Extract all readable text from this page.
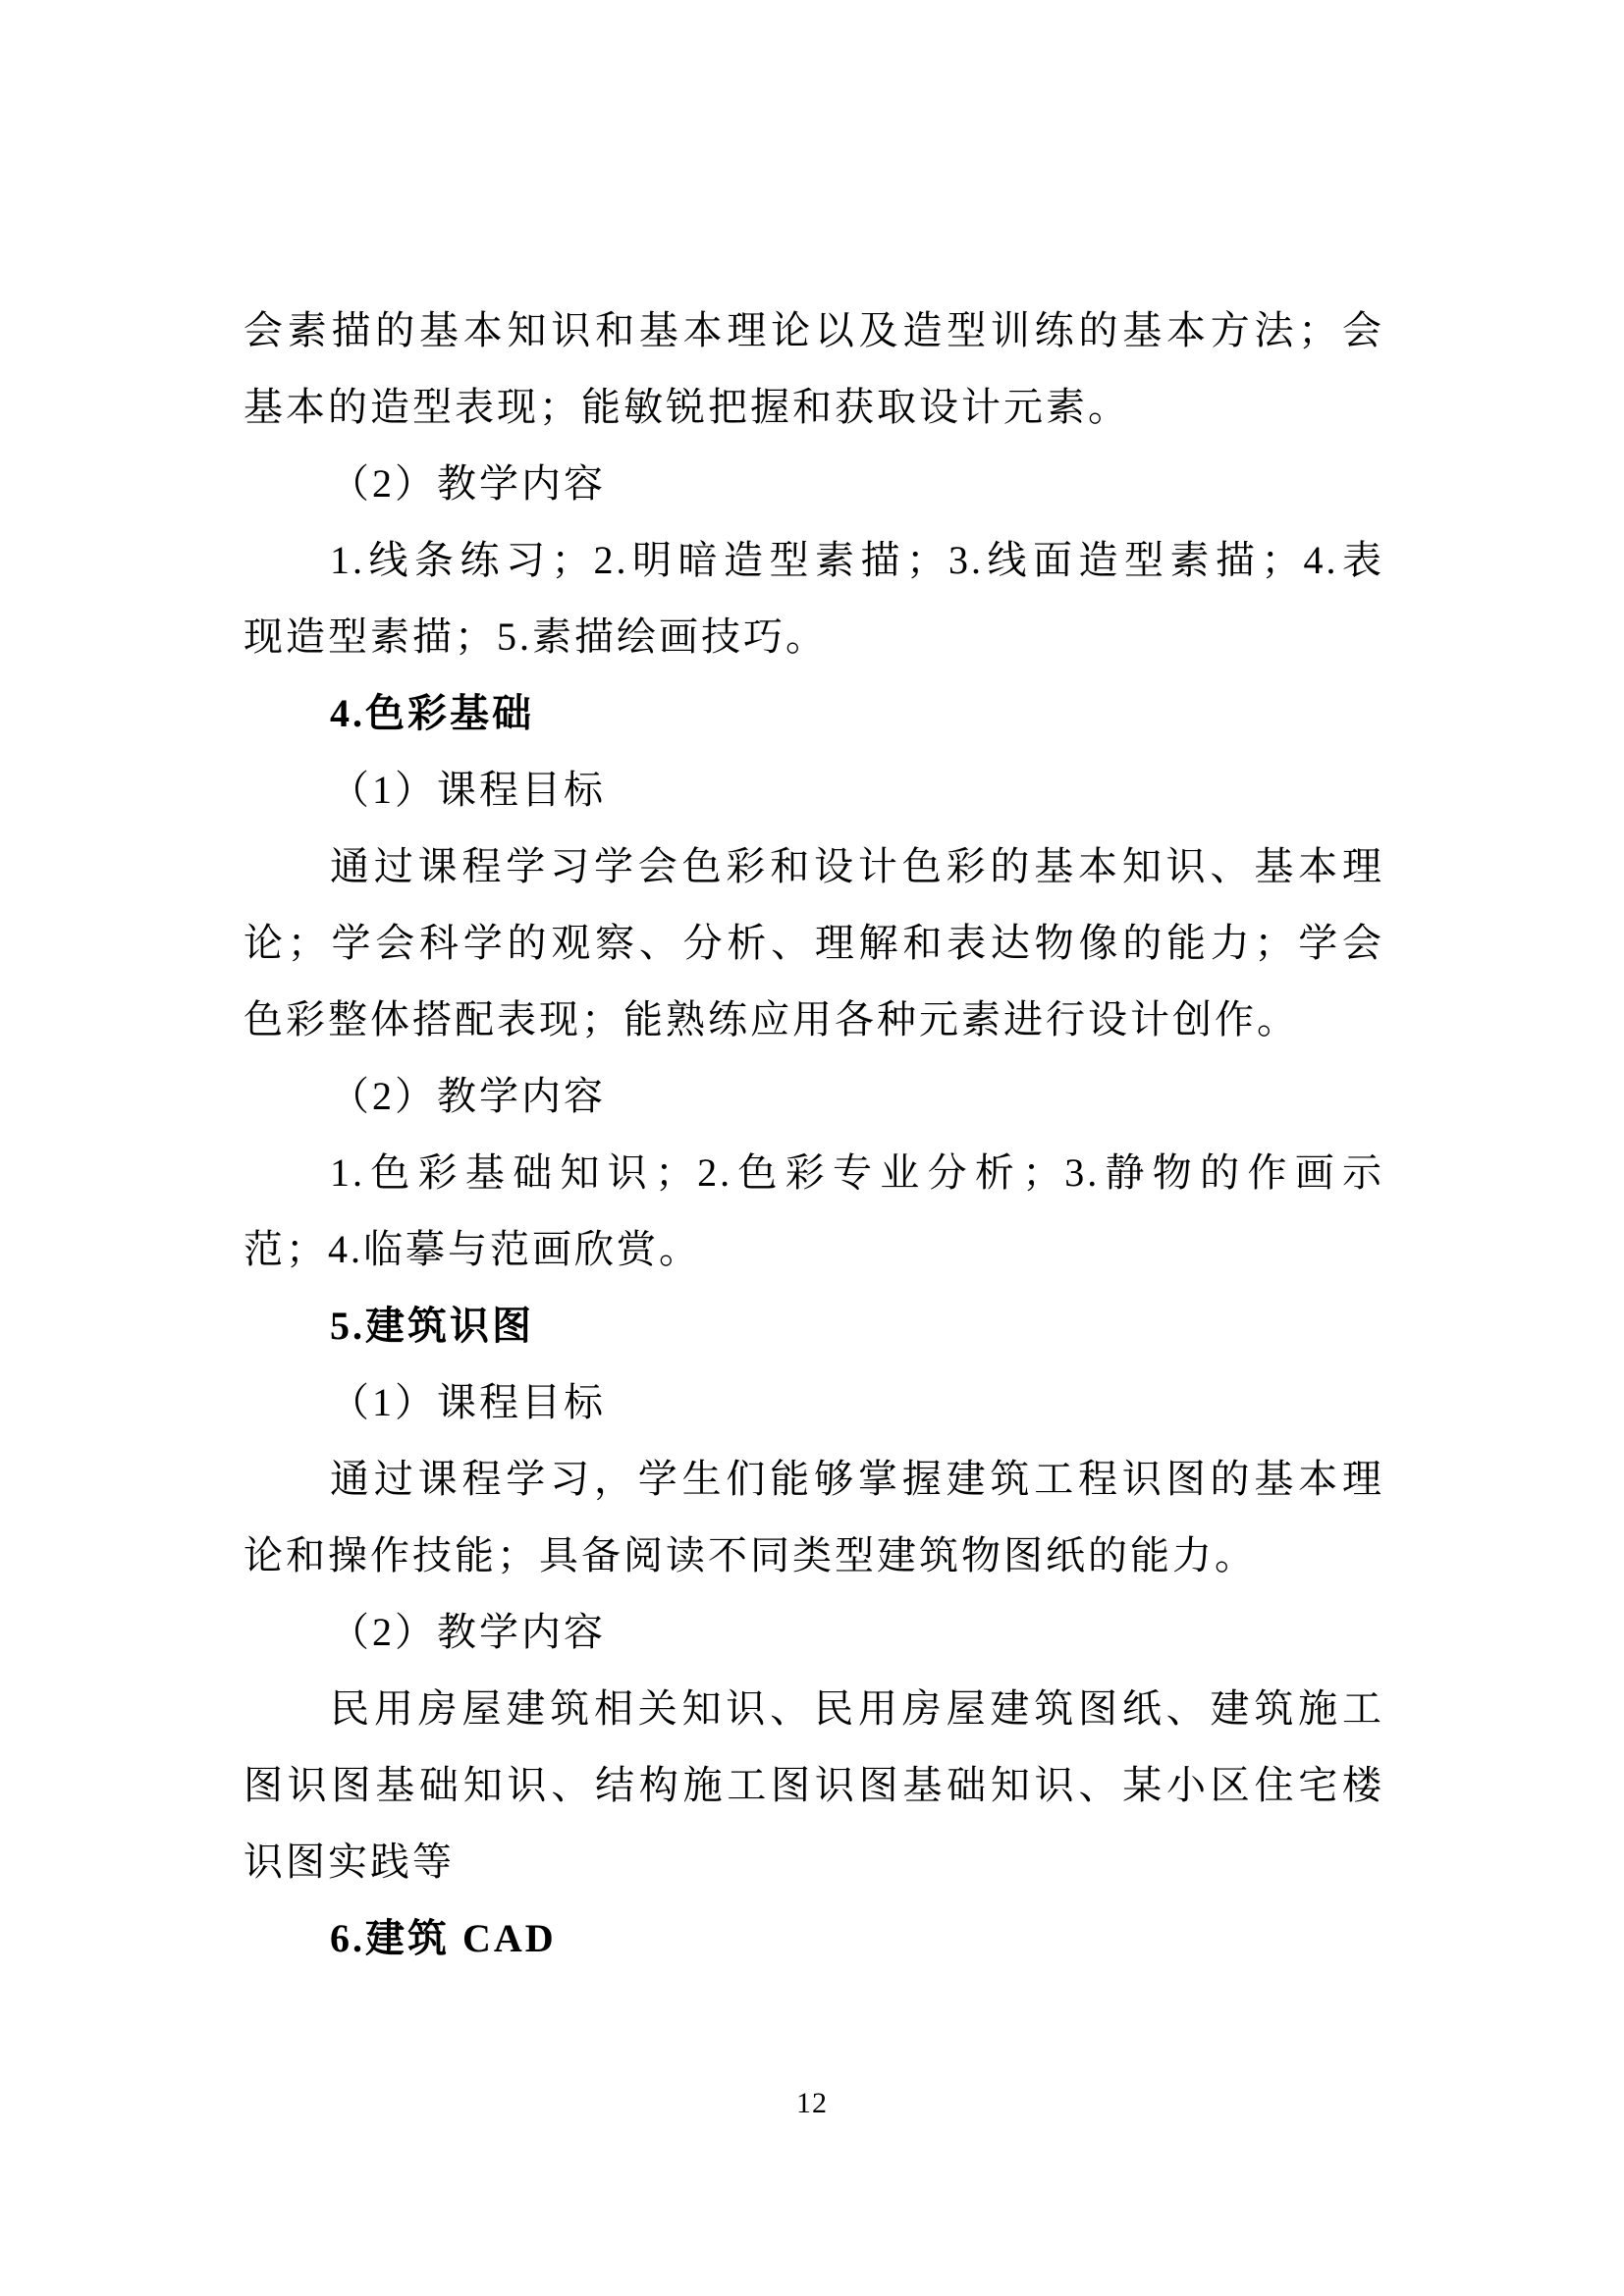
会素描的基本知识和基本理论以及造型训练的基本方法；会
基本的造型表现；能敏锐把握和获取设计元素。
（2）教学内容
1.线条练习；2.明暗造型素描；3.线面造型素描；4.表
现造型素描；5.素描绘画技巧。
4.色彩基础
（1）课程目标
通过课程学习学会色彩和设计色彩的基本知识、基本理
论；学会科学的观察、分析、理解和表达物像的能力；学会
色彩整体搭配表现；能熟练应用各种元素进行设计创作。
（2）教学内容
1.色彩基础知识；2.色彩专业分析；3.静物的作画示
范；4.临摹与范画欣赏。
5.建筑识图
（1）课程目标
通过课程学习，学生们能够掌握建筑工程识图的基本理
论和操作技能；具备阅读不同类型建筑物图纸的能力。
（2）教学内容
民用房屋建筑相关知识、民用房屋建筑图纸、建筑施工
图识图基础知识、结构施工图识图基础知识、某小区住宅楼
识图实践等
6.建筑 CAD
12
